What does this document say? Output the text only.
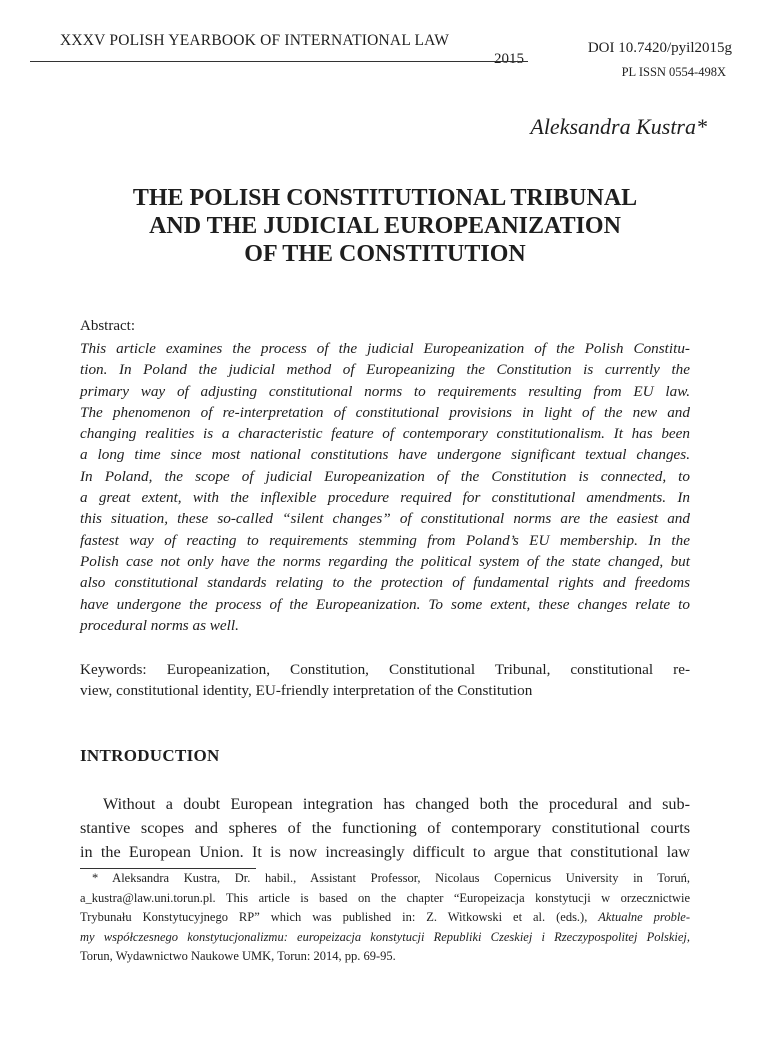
XXXV POLISH YEARBOOK OF INTERNATIONAL LAW
2015
DOI 10.7420/pyil2015g
PL ISSN 0554-498X
Aleksandra Kustra*
THE POLISH CONSTITUTIONAL TRIBUNAL
AND THE JUDICIAL EUROPEANIZATION
OF THE CONSTITUTION
Abstract:
This article examines the process of the judicial Europeanization of the Polish Constitu-
tion. In Poland the judicial method of Europeanizing the Constitution is currently the
primary way of adjusting constitutional norms to requirements resulting from EU law.
The phenomenon of re-interpretation of constitutional provisions in light of the new and
changing realities is a characteristic feature of contemporary constitutionalism. It has been
a long time since most national constitutions have undergone significant textual changes.
In Poland, the scope of judicial Europeanization of the Constitution is connected, to
a great extent, with the inflexible procedure required for constitutional amendments. In
this situation, these so-called “silent changes” of constitutional norms are the easiest and
fastest way of reacting to requirements stemming from Poland’s EU membership. In the
Polish case not only have the norms regarding the political system of the state changed, but
also constitutional standards relating to the protection of fundamental rights and freedoms
have undergone the process of the Europeanization. To some extent, these changes relate to
procedural norms as well.
Keywords: Europeanization, Constitution, Constitutional Tribunal, constitutional re-
view, constitutional identity, EU-friendly interpretation of the Constitution
INTRODUCTION
Without a doubt European integration has changed both the procedural and sub-
stantive scopes and spheres of the functioning of contemporary constitutional courts
in the European Union. It is now increasingly difficult to argue that constitutional law
* Aleksandra Kustra, Dr. habil., Assistant Professor, Nicolaus Copernicus University in Toruń,
a_kustra@law.uni.torun.pl. This article is based on the chapter “Europeizacja konstytucji w orzecznictwie
Trybunału Konstytucyjnego RP” which was published in: Z. Witkowski et al. (eds.), Aktualne proble-
my współczesnego konstytucjonalizmu: europeizacja konstytucji Republiki Czeskiej i Rzeczypospolitej Polskiej,
Torun, Wydawnictwo Naukowe UMK, Torun: 2014, pp. 69-95.
